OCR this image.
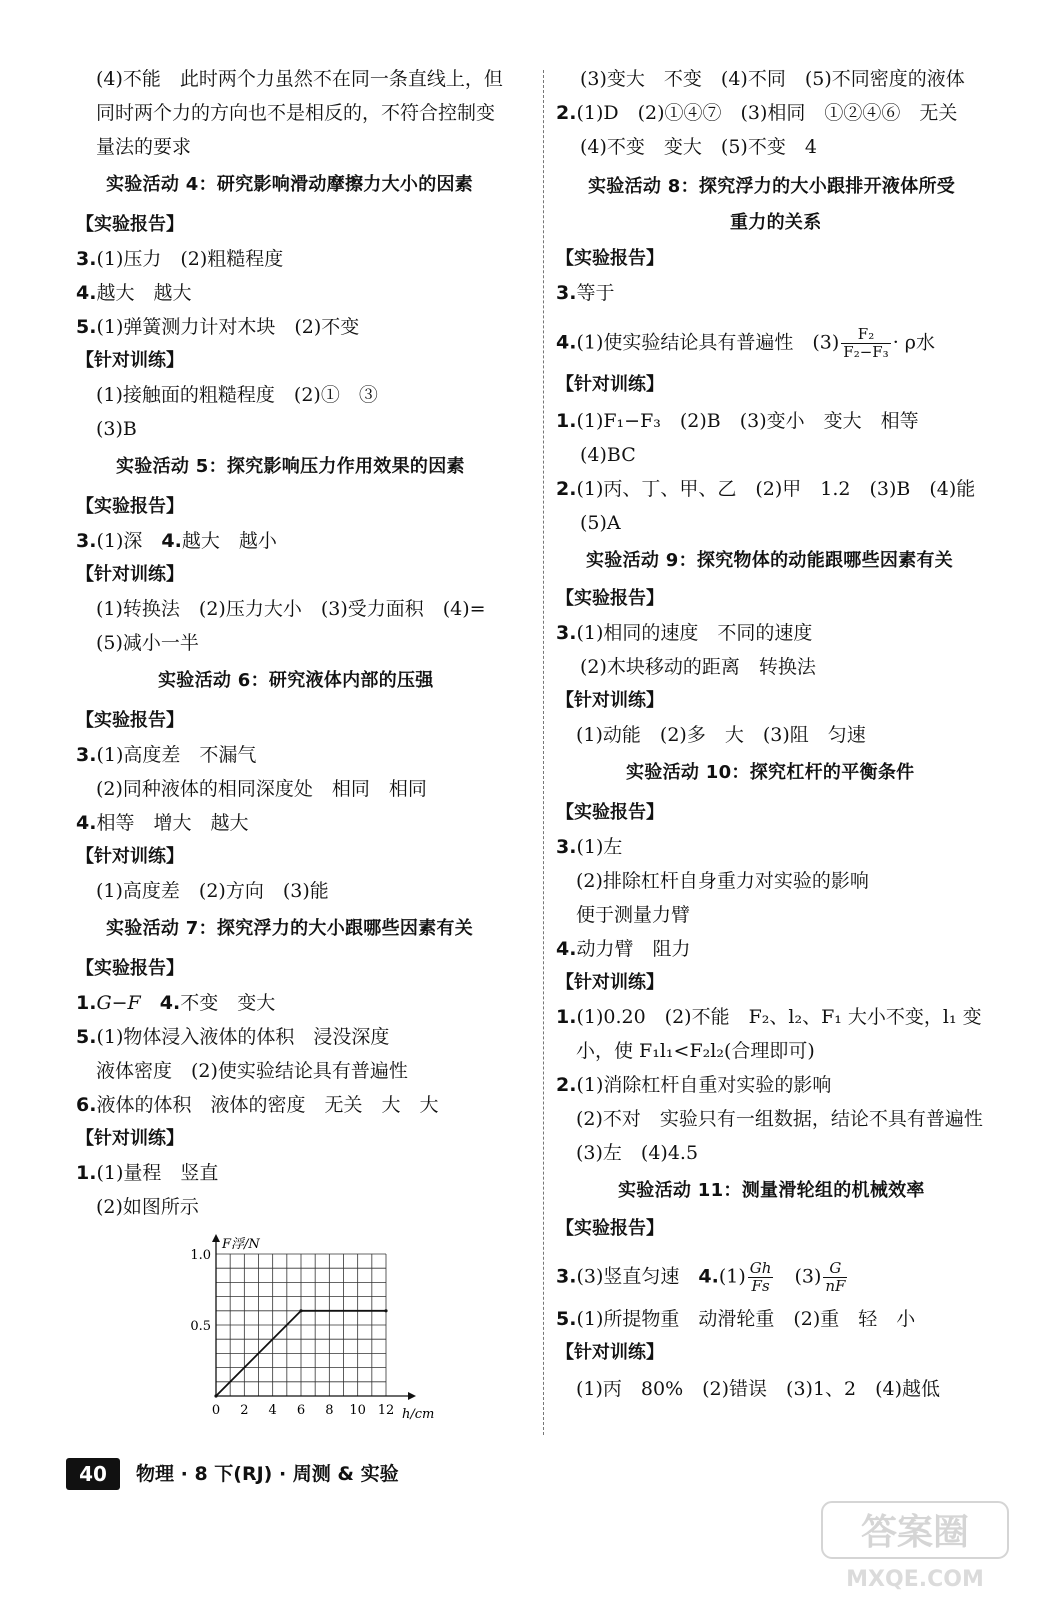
(4)不能　此时两个力虽然不在同一条直线上，但
同时两个力的方向也不是相反的，不符合控制变
量法的要求
实验活动 4：研究影响滑动摩擦力大小的因素
【实验报告】
3.(1)压力　(2)粗糙程度
4.越大　越大
5.(1)弹簧测力计对木块　(2)不变
【针对训练】
(1)接触面的粗糙程度　(2)①　③
(3)B
实验活动 5：探究影响压力作用效果的因素
【实验报告】
3.(1)深　 4.越大　越小
【针对训练】
(1)转换法　(2)压力大小　(3)受力面积　(4)=
(5)减小一半
实验活动 6：研究液体内部的压强
【实验报告】
3.(1)高度差　不漏气
(2)同种液体的相同深度处　相同　相同
4.相等　增大　越大
【针对训练】
(1)高度差　(2)方向　(3)能
实验活动 7：探究浮力的大小跟哪些因素有关
【实验报告】
1.G−F　 4.不变　变大
5.(1)物体浸入液体的体积　浸没深度
液体密度　(2)使实验结论具有普遍性
6.液体的体积　液体的密度　无关　大　大
【针对训练】
1.(1)量程　竖直
(2)如图所示
0 2 4 6 8 10 12
0.5
1.0
F浮/N
h/cm
(3)变大　不变　(4)不同　(5)不同密度的液体
2.(1)D　(2)①④⑦　(3)相同　①②④⑥　无关
(4)不变　变大　(5)不变　4
实验活动 8：探究浮力的大小跟排开液体所受
重力的关系
【实验报告】
3.等于
4.(1)使实验结论具有普遍性　$(3) \frac{\text{F₂}}{\text{F₂−F₃}} \cdot \rho$水
【针对训练】
1.(1)F₁−F₃　(2)B　(3)变小　变大　相等
(4)BC
2.(1)丙、丁、甲、乙　(2)甲　1.2　(3)B　(4)能
(5)A
实验活动 9：探究物体的动能跟哪些因素有关
【实验报告】
3.(1)相同的速度　不同的速度
(2)木块移动的距离　转换法
【针对训练】
(1)动能　(2)多　大　(3)阻　匀速
实验活动 10：探究杠杆的平衡条件
【实验报告】
3.(1)左
(2)排除杠杆自身重力对实验的影响
便于测量力臂
4.动力臂　阻力
【针对训练】
1.(1)0.20　(2)不能　F₂、l₂、F₁ 大小不变，l₁ 变
小，使 F₁l₁<F₂l₂(合理即可)
2.(1)消除杠杆自重对实验的影响
(2)不对　实验只有一组数据，结论不具有普遍性
(3)左　(4)4.5
实验活动 11：测量滑轮组的机械效率
【实验报告】
3.(3)竖直匀速　 $4.(1) \frac{Gh}{Fs}$
　 $(3) \frac{G}{nF}$
5.(1)所提物重　动滑轮重　(2)重　轻　小
【针对训练】
(1)丙　80%　(2)错误　(3)1、2　(4)越低
40	物理 · 8 下(RJ) · 周测 & 实验
答案圈
MXQE.COM
